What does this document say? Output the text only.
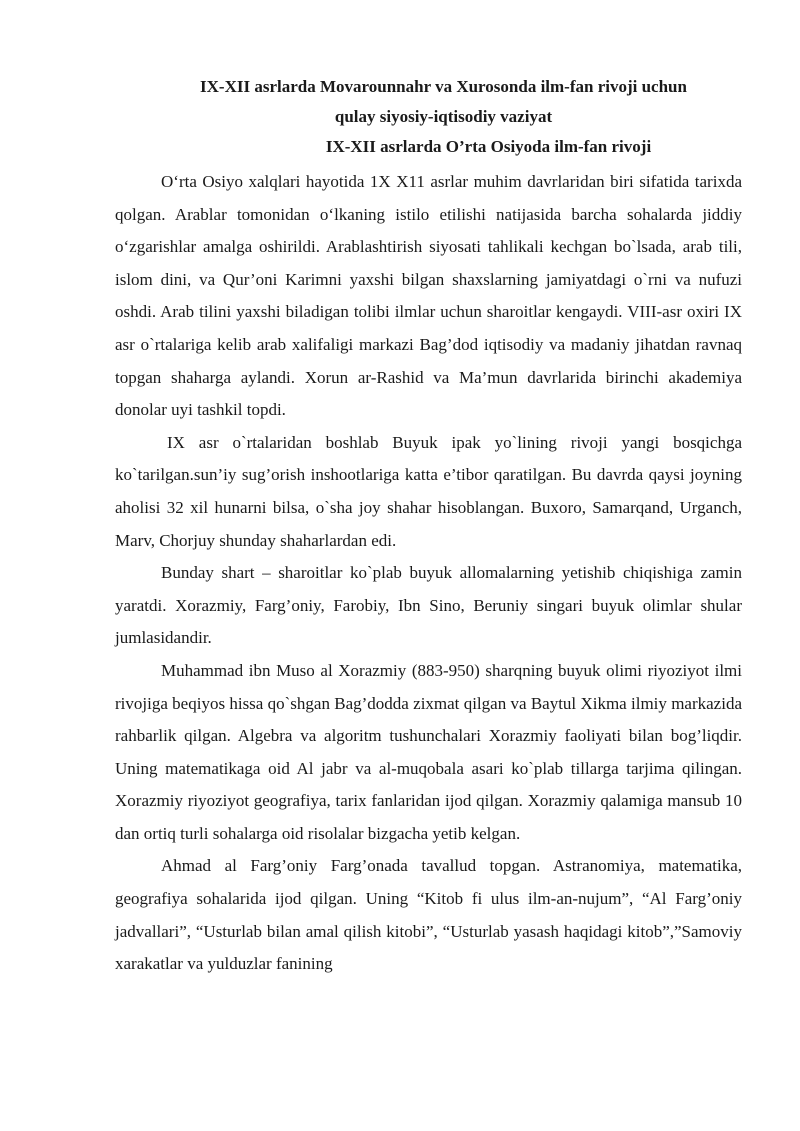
IX-XII asrlarda Movarounnahr va Xurosonda ilm-fan rivoji uchun
qulay siyosiy-iqtisodiy vaziyat
IX-XII asrlarda O’rta Osiyoda ilm-fan rivoji

O‘rta Osiyo xalqlari hayotida 1X X11 asrlar muhim davrlaridan biri sifatida tarixda qolgan. Arablar tomonidan o‘lkaning istilo etilishi natijasida barcha sohalarda jiddiy o‘zgarishlar amalga oshirildi. Arablashtirish siyosati tahlikali kechgan bo`lsada, arab tili, islom dini, va Qur’oni Karimni yaxshi bilgan shaxslarning jamiyatdagi o`rni va nufuzi oshdi. Arab tilini yaxshi biladigan tolibi ilmlar uchun sharoitlar kengaydi. VIII-asr oxiri IX asr o`rtalariga kelib arab xalifaligi markazi Bag’dod iqtisodiy va madaniy jihatdan ravnaq topgan shaharga aylandi. Xorun ar-Rashid va Ma’mun davrlarida birinchi akademiya donolar uyi tashkil topdi.

IX asr o`rtalaridan boshlab Buyuk ipak yo`lining rivoji yangi bosqichga ko`tarilgan.sun’iy sug’orish inshootlariga katta e’tibor qaratilgan. Bu davrda qaysi joyning aholisi 32 xil hunarni bilsa, o`sha joy shahar hisoblangan. Buxoro, Samarqand, Urganch, Marv, Chorjuy shunday shaharlardan edi.

Bunday shart – sharoitlar ko`plab buyuk allomalarning yetishib chiqishiga zamin yaratdi. Xorazmiy, Farg’oniy, Farobiy, Ibn Sino, Beruniy singari buyuk olimlar shular jumlasidandir.

Muhammad ibn Muso al Xorazmiy (883-950) sharqning buyuk olimi riyoziyot ilmi rivojiga beqiyos hissa qo`shgan Bag’dodda zixmat qilgan va Baytul Xikma ilmiy markazida rahbarlik qilgan. Algebra va algoritm tushunchalari Xorazmiy faoliyati bilan bog’liqdir. Uning matematikaga oid Al jabr va al-muqobala asari ko`plab tillarga tarjima qilingan. Xorazmiy riyoziyot geografiya, tarix fanlaridan ijod qilgan. Xorazmiy qalamiga mansub 10 dan ortiq turli sohalarga oid risolalar bizgacha yetib kelgan.

Ahmad al Farg’oniy Farg’onada tavallud topgan. Astranomiya, matematika, geografiya sohalarida ijod qilgan. Uning “Kitob fi ulus ilm-an-nujum”, “Al Farg’oniy jadvallari”, “Usturlab bilan amal qilish kitobi”, “Usturlab yasash haqidagi kitob”,”Samoviy xarakatlar va yulduzlar fanining
